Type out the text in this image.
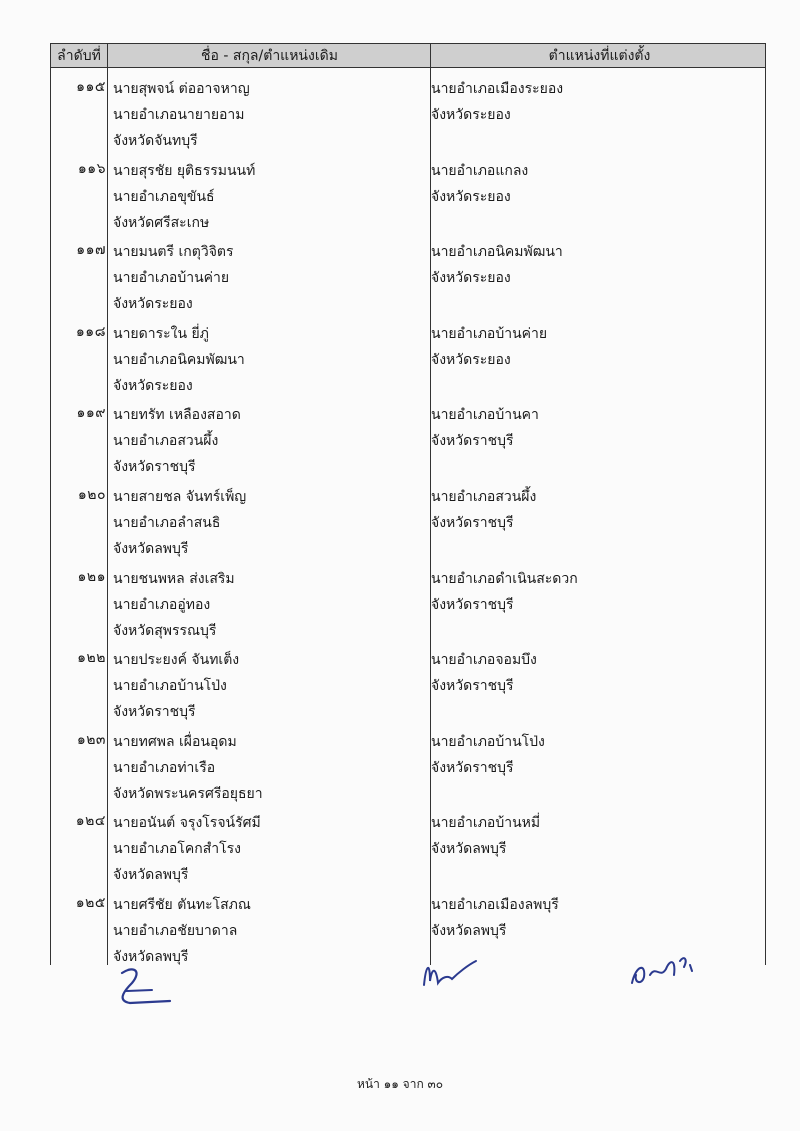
ลำดับที่	ชื่อ - สกุล/ตำแหน่งเดิม	ตำแหน่งที่แต่งตั้ง
๑๑๕ นายสุพจน์ ต่ออาจหาญ
นายอำเภอนายายอาม
จังหวัดจันทบุรี
นายอำเภอเมืองระยอง
จังหวัดระยอง
๑๑๖ นายสุรชัย ยุติธรรมนนท์
นายอำเภอขุขันธ์
จังหวัดศรีสะเกษ
นายอำเภอแกลง
จังหวัดระยอง
๑๑๗ นายมนตรี เกตุวิจิตร
นายอำเภอบ้านค่าย
จังหวัดระยอง
นายอำเภอนิคมพัฒนา
จังหวัดระยอง
๑๑๘ นายดาระใน ยี่ภู่
นายอำเภอนิคมพัฒนา
จังหวัดระยอง
นายอำเภอบ้านค่าย
จังหวัดระยอง
๑๑๙ นายทรัท เหลืองสอาด
นายอำเภอสวนผึ้ง
จังหวัดราชบุรี
นายอำเภอบ้านคา
จังหวัดราชบุรี
๑๒๐ นายสายชล จันทร์เพ็ญ
นายอำเภอลำสนธิ
จังหวัดลพบุรี
นายอำเภอสวนผึ้ง
จังหวัดราชบุรี
๑๒๑ นายชนพหล ส่งเสริม
นายอำเภออู่ทอง
จังหวัดสุพรรณบุรี
นายอำเภอดำเนินสะดวก
จังหวัดราชบุรี
๑๒๒ นายประยงค์ จันทเต็ง
นายอำเภอบ้านโป่ง
จังหวัดราชบุรี
นายอำเภอจอมบึง
จังหวัดราชบุรี
๑๒๓ นายทศพล เผื่อนอุดม
นายอำเภอท่าเรือ
จังหวัดพระนครศรีอยุธยา
นายอำเภอบ้านโป่ง
จังหวัดราชบุรี
๑๒๔ นายอนันต์ จรุงโรจน์รัศมี
นายอำเภอโคกสำโรง
จังหวัดลพบุรี
นายอำเภอบ้านหมี่
จังหวัดลพบุรี
๑๒๕ นายศรีชัย ตันทะโสภณ
นายอำเภอชัยบาดาล
จังหวัดลพบุรี
นายอำเภอเมืองลพบุรี
จังหวัดลพบุรี
หน้า ๑๑ จาก ๓๐
